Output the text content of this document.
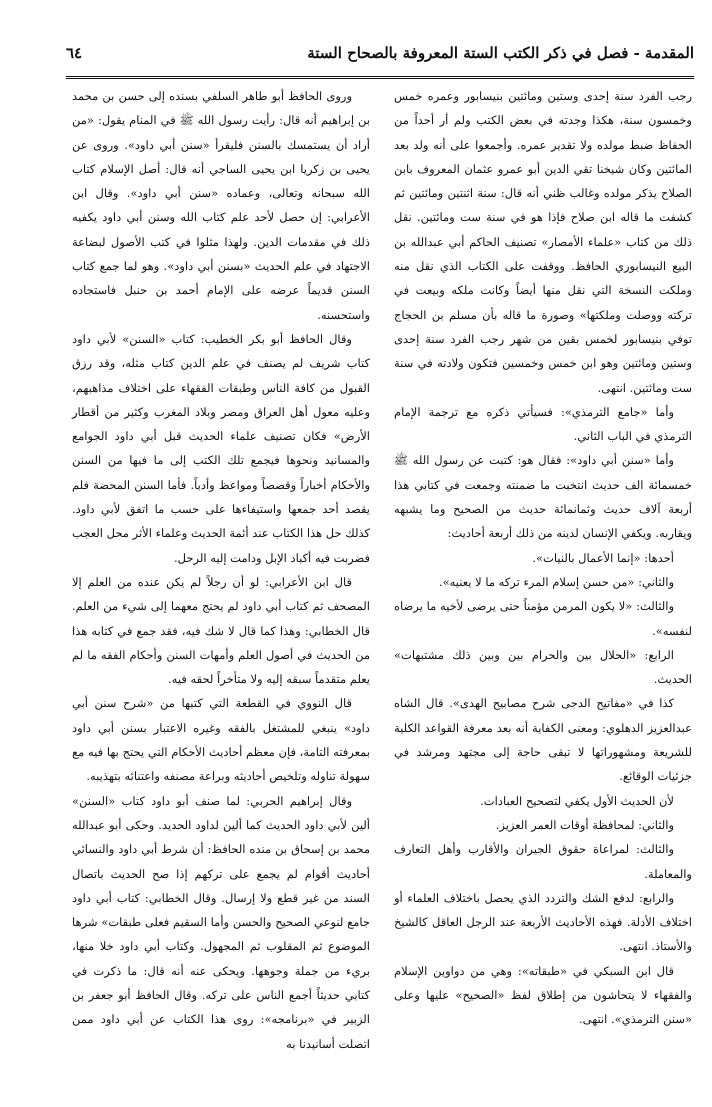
المقدمة - فصل في ذكر الكتب الستة المعروفة بالصحاح الستة
٦٤

رجب الفرد سنة إحدى وستين ومائتين بنيسابور وعمره خمس وخمسون سنة، هكذا وجدته في بعض الكتب ولم أر أحداً من الحفاظ ضبط مولده ولا تقدير عمره. وأجمعوا على أنه ولد بعد المائتين وكان شيخنا تقي الدين أبو عمرو عثمان المعروف بابن الصلاح يذكر مولده وغالب ظني أنه قال: سنة اثنتين ومائتين ثم كشفت ما قاله ابن صلاح فإذا هو في سنة ست ومائتين. نقل ذلك من كتاب «علماء الأمصار» تصنيف الحاكم أبي عبدالله بن البيع النيسابوري الحافظ. ووقفت على الكتاب الذي نقل منه وملكت النسخة التي نقل منها أيضاً وكانت ملكه وبيعت في تركته ووصلت وملكتها» وصورة ما قاله بأن مسلم بن الحجاج توفي بنيسابور لخمس بقين من شهر رجب الفرد سنة إحدى وستين ومائتين وهو ابن خمس وخمسين فتكون ولادته في سنة ست ومائتين. انتهى.

وأما «جامع الترمذي»: فسيأتي ذكره مع ترجمة الإمام الترمذي في الباب الثاني.

وأما «سنن أبي داود»: فقال هو: كتبت عن رسول الله ﷺ خمسمائة الف حديث انتخبت ما ضمنته وجمعت في كتابي هذا أربعة آلاف حديث وثمانمائة حديث من الصحيح وما يشبهه ويقاربه. ويكفي الإنسان لدينه من ذلك أربعة أحاديث:

أحدها: «إنما الأعمال بالنيات».

والثاني: «من حسن إسلام المرء تركه ما لا يعنيه».

والثالث: «لا يكون المرمن مؤمناً حتى يرضى لأخيه ما يرضاه لنفسه».

الرابع: «الحلال بين والحرام بين وبين ذلك مشتبهات» الحديث.

كذا في «مفاتيح الدجى شرح مصابيح الهدى». قال الشاه عبدالعزيز الدهلوي: ومعنى الكفاية أنه بعد معرفة القواعد الكلية للشريعة ومشهوراتها لا تبقى حاجة إلى مجتهد ومرشد في جزئيات الوقائع.

لأن الحديث الأول يكفي لتصحيح العبادات.

والثاني: لمحافظة أوقات العمر العزيز.

والثالث: لمراعاة حقوق الجيران والأقارب وأهل التعارف والمعاملة.

والرابع: لدفع الشك والتردد الذي يحصل باختلاف العلماء أو اختلاف الأدلة. فهذه الأحاديث الأربعة عند الرجل العاقل كالشيخ والأستاذ. انتهى.

قال ابن السبكي في «طبقاته»: وهي من دواوين الإسلام والفقهاء لا يتحاشون من إطلاق لفظ «الصحيح» عليها وعلى «سنن الترمذي». انتهى.

وروى الحافظ أبو طاهر السلفي بسنده إلى حسن بن محمد بن إبراهيم أنه قال: رأيت رسول الله ﷺ في المنام يقول: «من أراد أن يستمسك بالسنن فليقرأ «سنن أبي داود». وروى عن يحيى بن زكريا ابن يحيى الساجي أنه قال: أصل الإسلام كتاب الله سبحانه وتعالى، وعماده «سنن أبي داود». وقال ابن الأعرابي: إن حصل لأحد علم كتاب الله وسنن أبي داود يكفيه ذلك في مقدمات الدين. ولهذا مثلوا في كتب الأصول لبضاعة الاجتهاد في علم الحديث «بسنن أبي داود». وهو لما جمع كتاب السنن قديماً عرضه على الإمام أحمد بن حنبل فاستجاده واستحسنه.

وقال الحافظ أبو بكر الخطيب: كتاب «السنن» لأبي داود كتاب شريف لم يصنف في علم الدين كتاب مثله، وقد رزق القبول من كافة الناس وطبقات الفقهاء على اختلاف مذاهبهم، وعليه معول أهل العراق ومصر وبلاد المغرب وكثير من أقطار الأرض» فكان تصنيف علماء الحديث قبل أبي داود الجوامع والمسانيد ونحوها فيجمع تلك الكتب إلى ما فيها من السنن والأحكام أخباراً وقصصاً ومواعظ وأدباً. فأما السنن المحضة فلم يقصد أحد جمعها واستيفاءها على حسب ما اتفق لأبي داود. كذلك حل هذا الكتاب عند أئمة الحديث وعلماء الأثر محل العجب فضربت فيه أكباد الإبل ودامت إليه الرحل.

قال ابن الأعرابي: لو أن رجلاً لم يكن عنده من العلم إلا المصحف ثم كتاب أبي داود لم يحتج معهما إلى شيء من العلم. قال الخطابي: وهذا كما قال لا شك فيه، فقد جمع في كتابه هذا من الحديث في أصول العلم وأمهات السنن وأحكام الفقه ما لم يعلم متقدماً سبقه إليه ولا متأخراً لحقه فيه.

قال النووي في القطعة التي كتبها من «شرح سنن أبي داود» ينبغي للمشتغل بالفقه وغيره الاعتبار بسنن أبي داود بمعرفته التامة، فإن معظم أحاديث الأحكام التي يحتج بها فيه مع سهولة تناوله وتلخيص أحاديثه وبراعة مصنفه واعتنائه بتهذيبه.

وقال إبراهيم الحربي: لما صنف أبو داود كتاب «السنن» ألين لأبي داود الحديث كما ألين لداود الحديد. وحكى أبو عبدالله محمد بن إسحاق بن منده الحافظ: أن شرط أبي داود والنسائي أحاديث أقوام لم يجمع على تركهم إذا صح الحديث باتصال السند من غير قطع ولا إرسال. وقال الخطابي: كتاب أبي داود جامع لنوعي الصحيح والحسن وأما السقيم فعلى طبقات» شرها الموضوع ثم المقلوب ثم المجهول. وكتاب أبي داود خلا منها، بريء من جملة وجوهها. ويحكى عنه أنه قال: ما ذكرت في كتابي حديثاً أجمع الناس على تركه. وقال الحافظ أبو جعفر بن الزبير في «برنامجه»: روى هذا الكتاب عن أبي داود ممن اتصلت أسانيدنا به
